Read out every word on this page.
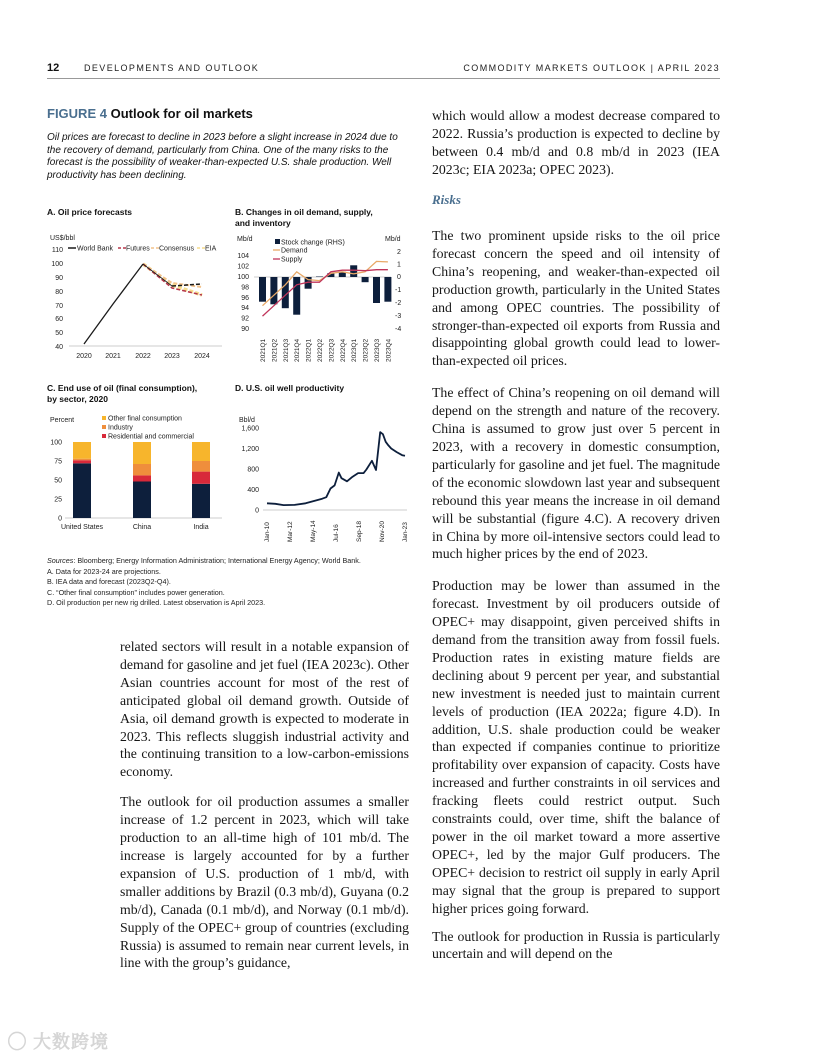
12	DEVELOPMENTS AND OUTLOOK	COMMODITY MARKETS OUTLOOK | APRIL 2023
FIGURE 4 Outlook for oil markets
Oil prices are forecast to decline in 2023 before a slight increase in 2024 due to the recovery of demand, particularly from China. One of the many risks to the forecast is the possibility of weaker-than-expected U.S. shale production. Well productivity has been declining.
A. Oil price forecasts
US$/bbl
World Bank Futures Consensus EIA
110
100
90
80
70
60
50
40
2020 2021 2022 2023 2024
B. Changes in oil demand, supply,
and inventory
Mb/d	Mb/d
Stock change (RHS)
Demand
Supply
104
102
100
98
96
94
92
90
2
1
0
-1
-2
-3
-4
2021Q1 2021Q2 2021Q3 2021Q4 2022Q1 2022Q2 2022Q3 2022Q4 2023Q1 2023Q2 2023Q3 2023Q4
C. End use of oil (final consumption),
by sector, 2020
Percent	Other final consumption
Industry
Residential and commercial
100
75
50
25
0
United States	China	India
D. U.S. oil well productivity
Bbl/d
1,600
1,200
800
400
0
Jan-10 Mar-12 May-14 Jul-16 Sep-18 Nov-20 Jan-23
Sources: Bloomberg; Energy Information Administration; International Energy Agency; World Bank.
A. Data for 2023-24 are projections.
B. IEA data and forecast (2023Q2-Q4).
C. “Other final consumption” includes power generation.
D. Oil production per new rig drilled. Latest observation is April 2023.

related sectors will result in a notable expansion of demand for gasoline and jet fuel (IEA 2023c). Other Asian countries account for most of the rest of anticipated global oil demand growth. Outside of Asia, oil demand growth is expected to moderate in 2023. This reflects sluggish industrial activity and the continuing transition to a low-carbon-emissions economy.

The outlook for oil production assumes a smaller increase of 1.2 percent in 2023, which will take production to an all-time high of 101 mb/d. The increase is largely accounted for by a further expansion of U.S. production of 1 mb/d, with smaller additions by Brazil (0.3 mb/d), Guyana (0.2 mb/d), Canada (0.1 mb/d), and Norway (0.1 mb/d). Supply of the OPEC+ group of countries (excluding Russia) is assumed to remain near current levels, in line with the group’s guidance,

which would allow a modest decrease compared to 2022. Russia’s production is expected to decline by between 0.4 mb/d and 0.8 mb/d in 2023 (IEA 2023c; EIA 2023a; OPEC 2023).

Risks

The two prominent upside risks to the oil price forecast concern the speed and oil intensity of China’s reopening, and weaker-than-expected oil production growth, particularly in the United States and among OPEC countries. The possibility of stronger-than-expected oil exports from Russia and disappointing global growth could lead to lower-than-expected oil prices.

The effect of China’s reopening on oil demand will depend on the strength and nature of the recovery. China is assumed to grow just over 5 percent in 2023, with a recovery in domestic consumption, particularly for gasoline and jet fuel. The magnitude of the economic slowdown last year and subsequent rebound this year means the increase in oil demand will be substantial (figure 4.C). A recovery driven in China by more oil-intensive sectors could lead to much higher prices by the end of 2023.

Production may be lower than assumed in the forecast. Investment by oil producers outside of OPEC+ may disappoint, given perceived shifts in demand from the transition away from fossil fuels. Production rates in existing mature fields are declining about 9 percent per year, and substantial new investment is needed just to maintain current levels of production (IEA 2022a; figure 4.D). In addition, U.S. shale production could be weaker than expected if companies continue to prioritize profitability over expansion of capacity. Costs have increased and further constraints in oil services and fracking fleets could restrict output. Such constraints could, over time, shift the balance of power in the oil market toward a more assertive OPEC+, led by the major Gulf producers. The OPEC+ decision to restrict oil supply in early April may signal that the group is prepared to support higher prices going forward.

The outlook for production in Russia is particularly uncertain and will depend on the

◯ 大数跨境
